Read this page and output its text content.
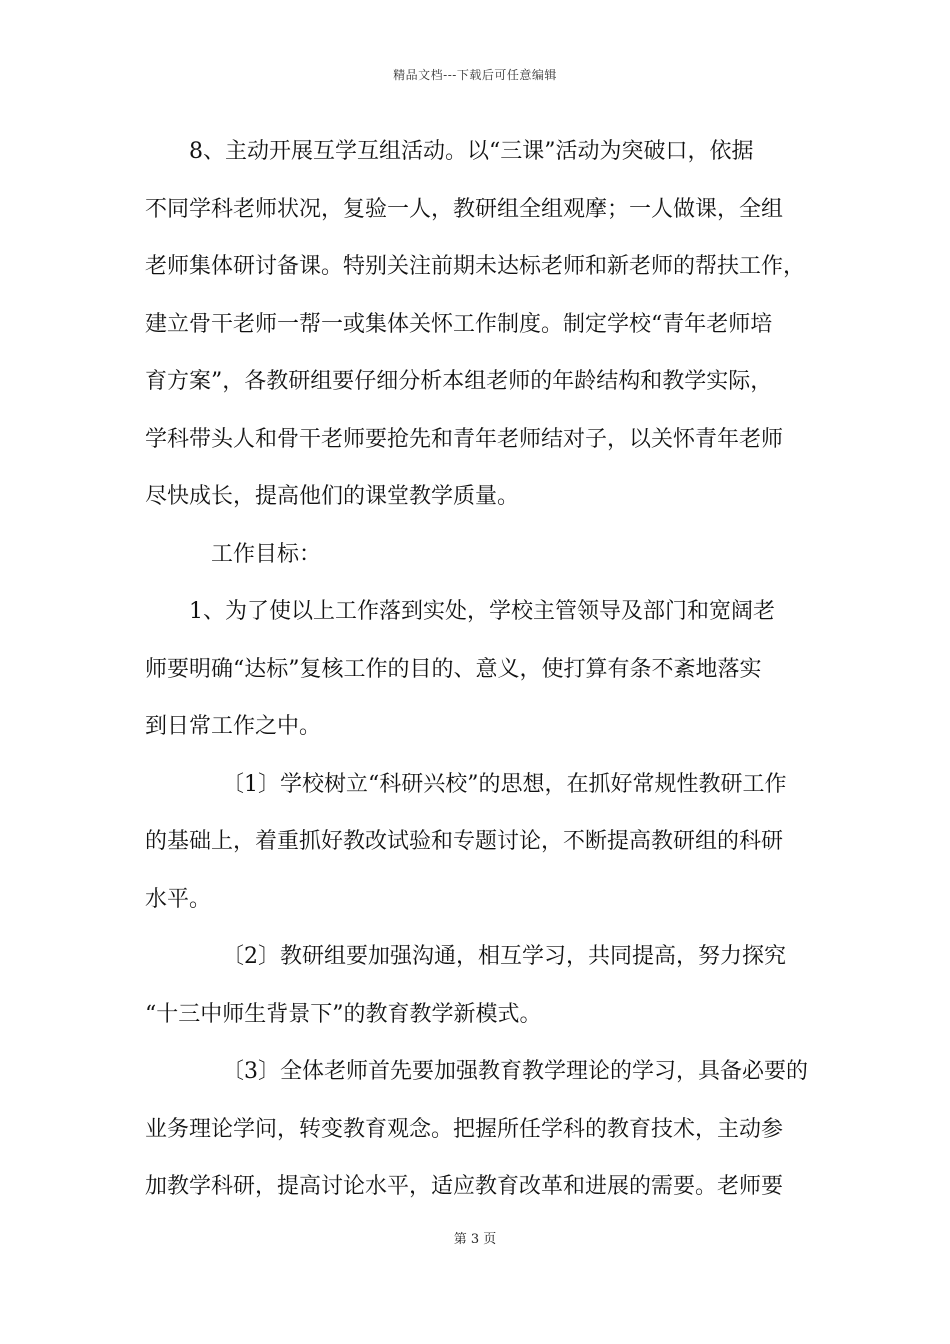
精品文档---下载后可任意编辑
8、主动开展互学互组活动。以“三课”活动为突破口，依据
不同学科老师状况，复验一人，教研组全组观摩；一人做课，全组
老师集体研讨备课。特别关注前期未达标老师和新老师的帮扶工作，
建立骨干老师一帮一或集体关怀工作制度。制定学校“青年老师培
育方案”，各教研组要仔细分析本组老师的年龄结构和教学实际，
学科带头人和骨干老师要抢先和青年老师结对子，以关怀青年老师
尽快成长，提高他们的课堂教学质量。
工作目标：
1、为了使以上工作落到实处，学校主管领导及部门和宽阔老
师要明确“达标”复核工作的目的、意义，使打算有条不紊地落实
到日常工作之中。
〔1〕学校树立“科研兴校”的思想，在抓好常规性教研工作
的基础上，着重抓好教改试验和专题讨论，不断提高教研组的科研
水平。
〔2〕教研组要加强沟通，相互学习，共同提高，努力探究
“十三中师生背景下”的教育教学新模式。
〔3〕全体老师首先要加强教育教学理论的学习，具备必要的
业务理论学问，转变教育观念。把握所任学科的教育技术，主动参
加教学科研，提高讨论水平，适应教育改革和进展的需要。老师要
第 3 页
